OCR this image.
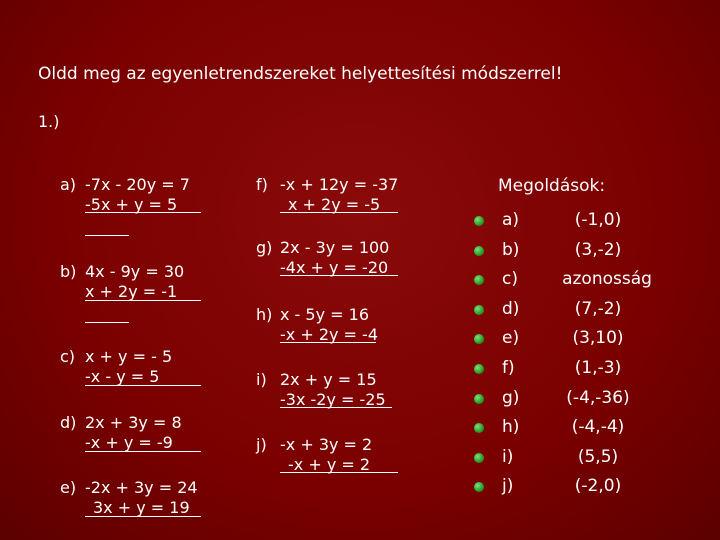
Oldd meg az egyenletrendszereket helyettesítési módszerrel!
1.)
a) -7x - 20y = 7
-5x + y = 5
b) 4x - 9y = 30
x + 2y = -1
c) x + y = - 5
-x - y = 5
d) 2x + 3y = 8
-x + y = -9
e) -2x + 3y = 24
3x + y = 19
f) -x + 12y = -37
x + 2y = -5
g) 2x - 3y = 100
-4x + y = -20
h) x - 5y = 16
-x + 2y = -4
i) 2x + y = 15
-3x -2y = -25
j) -x + 3y = 2
-x + y = 2
Megoldások:
a)	(-1,0)
b)	(3,-2)
c)	azonosság
d)	(7,-2)
e)	(3,10)
f)	(1,-3)
g)	(-4,-36)
h)	(-4,-4)
i)	(5,5)
j)	(-2,0)
